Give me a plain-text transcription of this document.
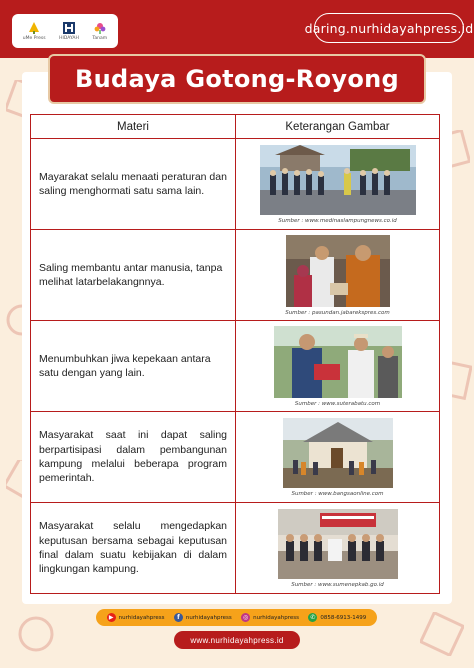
uMe Press	HIDAYAH	Tanam
daring.nurhidayahpress.id
Budaya Gotong-Royong
Materi	Keterangan Gambar
Mayarakat selalu menaati peraturan dan saling menghormati satu sama lain.	Sumber : www.medinaslampungnews.co.id

Saling membantu antar manusia, tanpa melihat latarbelakangnnya.	Sumber : pasundan.jabarekspres.com

Menumbuhkan jiwa kepekaan antara satu dengan yang lain.	Sumber : www.suterabatu.com

Masyarakat saat ini dapat saling berpartisipasi dalam pembangunan kampung melalui beberapa program pemerintah.	Sumber : www.bangsaonline.com

Masyarakat selalu mengedapkan keputusan bersama sebagai keputusan final dalam suatu kebijakan di dalam lingkungan kampung.	Sumber : www.sumenepkab.go.id
▶ nurhidayahpress	f	nurhidayahpress	◎ nurhidayahpress	✆ 0858-6913-1499
www.nurhidayahpress.id
